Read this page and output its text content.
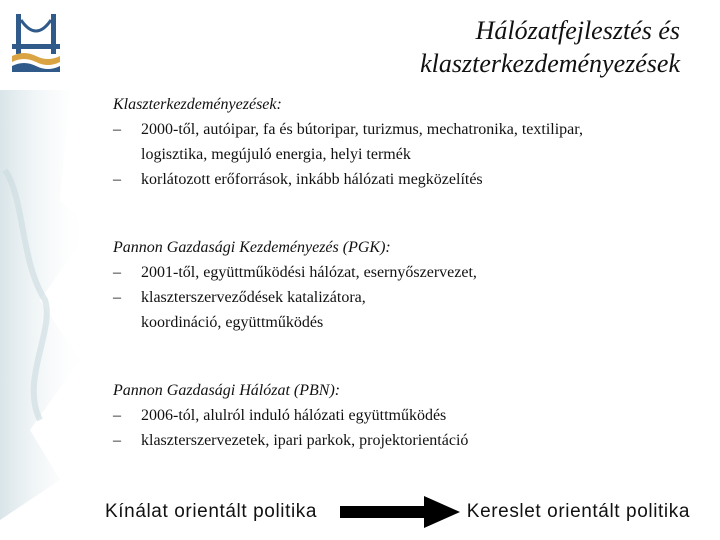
Hálózatfejlesztés és
klaszterkezdeményezések
Klaszterkezdeményezések:
–	2000-től, autóipar, fa és bútoripar, turizmus, mechatronika, textilipar,
logisztika, megújuló energia, helyi termék
–	korlátozott erőforrások, inkább hálózati megközelítés
Pannon Gazdasági Kezdeményezés (PGK):
–	2001-től, együttműködési hálózat, esernyőszervezet,
–	klaszterszerveződések katalizátora,
koordináció, együttműködés
Pannon Gazdasági Hálózat (PBN):
–	2006-tól, alulról induló hálózati együttműködés
–	klaszterszervezetek, ipari parkok, projektorientáció
Kínálat orientált politika	Kereslet orientált politika
